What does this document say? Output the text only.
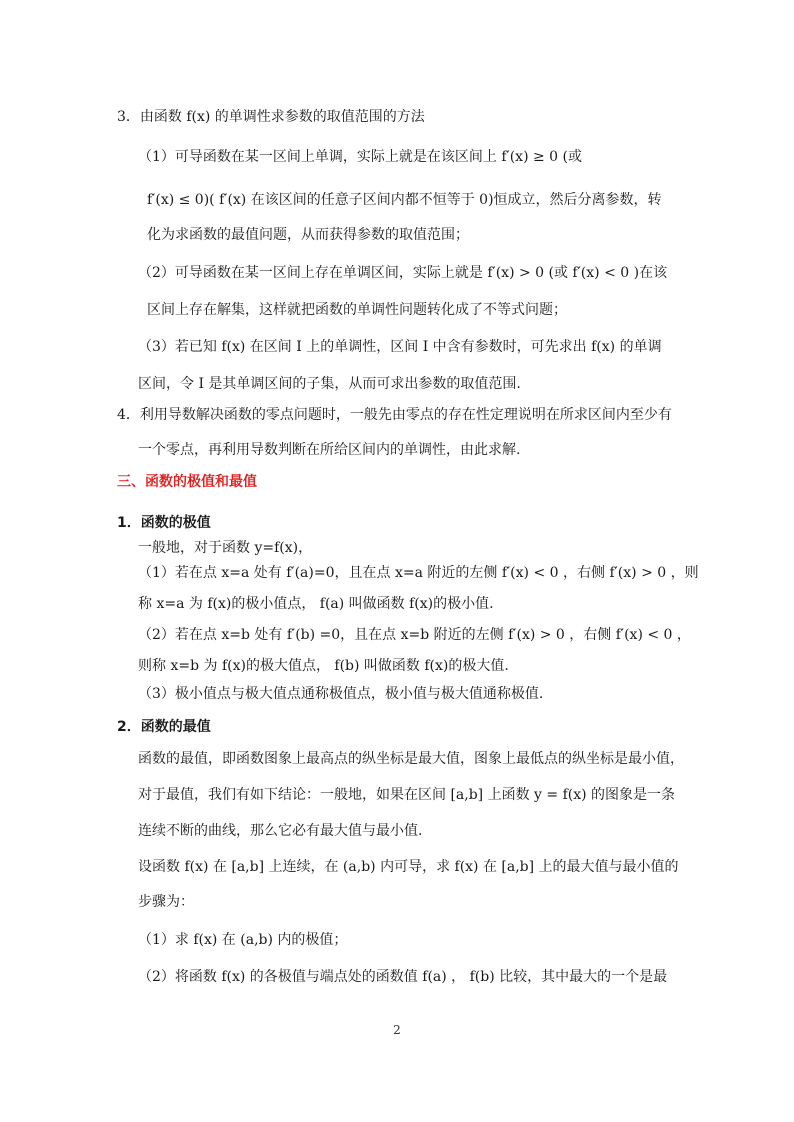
3．由函数 f(x) 的单调性求参数的取值范围的方法
（1）可导函数在某一区间上单调，实际上就是在该区间上 f′(x) ≥ 0 (或
f′(x) ≤ 0)( f′(x) 在该区间的任意子区间内都不恒等于 0)恒成立，然后分离参数，转
化为求函数的最值问题，从而获得参数的取值范围；
（2）可导函数在某一区间上存在单调区间，实际上就是 f′(x) > 0 (或 f′(x) < 0 )在该
区间上存在解集，这样就把函数的单调性问题转化成了不等式问题；
（3）若已知 f(x) 在区间 I 上的单调性，区间 I 中含有参数时，可先求出 f(x) 的单调
区间，令 I 是其单调区间的子集，从而可求出参数的取值范围.
4．利用导数解决函数的零点问题时，一般先由零点的存在性定理说明在所求区间内至少有
一个零点，再利用导数判断在所给区间内的单调性，由此求解.
三、函数的极值和最值
1．函数的极值
一般地，对于函数 y=f(x)，
（1）若在点 x=a 处有 f′(a)=0，且在点 x=a 附近的左侧 f′(x) < 0 ，右侧 f′(x) > 0 ，则
称 x=a 为 f(x)的极小值点， f(a) 叫做函数 f(x)的极小值.
（2）若在点 x=b 处有 f′(b) =0，且在点 x=b 附近的左侧 f′(x) > 0 ，右侧 f′(x) < 0 ，
则称 x=b 为 f(x)的极大值点， f(b) 叫做函数 f(x)的极大值.
（3）极小值点与极大值点通称极值点，极小值与极大值通称极值.
2．函数的最值
函数的最值，即函数图象上最高点的纵坐标是最大值，图象上最低点的纵坐标是最小值，
对于最值，我们有如下结论：一般地，如果在区间 [a,b] 上函数 y = f(x) 的图象是一条
连续不断的曲线，那么它必有最大值与最小值.
设函数 f(x) 在 [a,b] 上连续，在 (a,b) 内可导，求 f(x) 在 [a,b] 上的最大值与最小值的
步骤为：
（1）求 f(x) 在 (a,b) 内的极值；
（2）将函数 f(x) 的各极值与端点处的函数值 f(a) ， f(b) 比较，其中最大的一个是最
2
